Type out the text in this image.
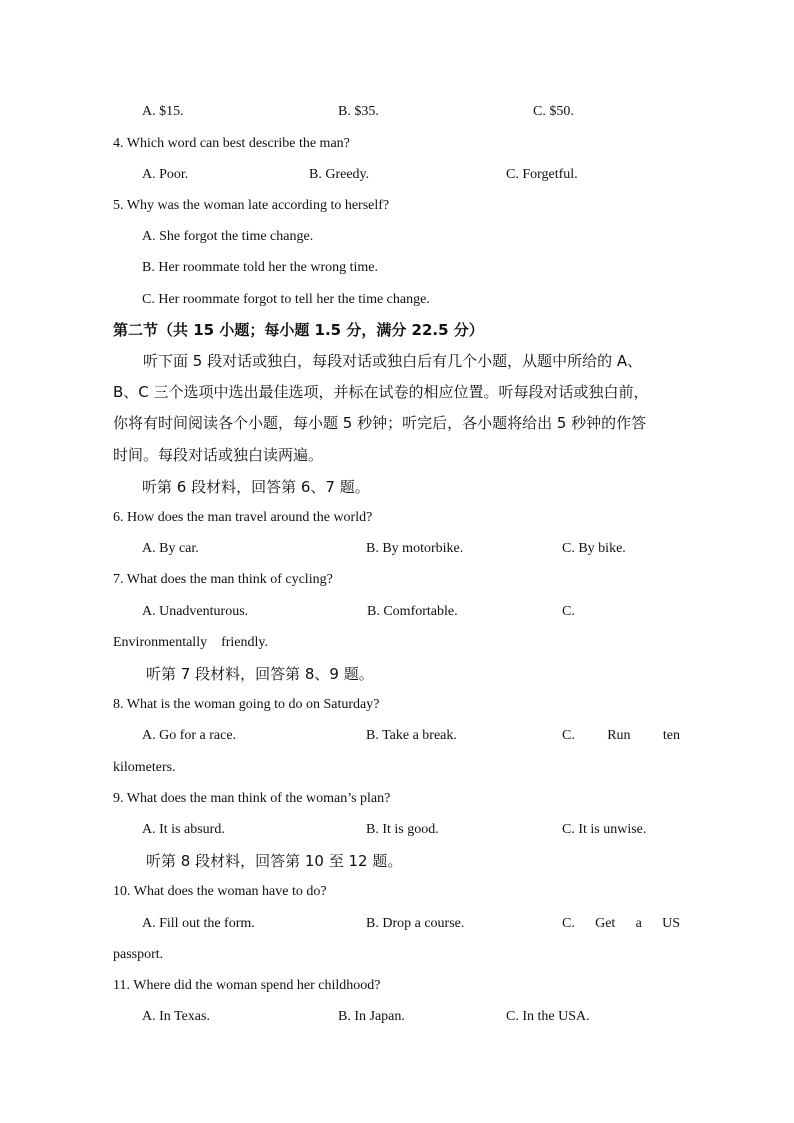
A. $15.	B. $35.	C. $50.
4. Which word can best describe the man?
A. Poor.	B. Greedy.	C. Forgetful.
5. Why was the woman late according to herself?
A. She forgot the time change.
B. Her roommate told her the wrong time.
C. Her roommate forgot to tell her the time change.
第二节（共 15 小题；每小题 1.5 分，满分 22.5 分）
听下面 5 段对话或独白，每段对话或独白后有几个小题，从题中所给的 A、
B、C 三个选项中选出最佳选项，并标在试卷的相应位置。听每段对话或独白前，
你将有时间阅读各个小题，每小题 5 秒钟；听完后，各小题将给出 5 秒钟的作答
时间。每段对话或独白读两遍。
听第 6 段材料，回答第 6、7 题。
6. How does the man travel around the world?
A. By car.	B. By motorbike.	C. By bike.
7. What does the man think of cycling?
A. Unadventurous.	B. Comfortable.	C.
Environmentally    friendly.
听第 7 段材料，回答第 8、9 题。
8. What is the woman going to do on Saturday?
A. Go for a race.	B. Take a break.	C. Run ten
kilometers.
9. What does the man think of the woman’s plan?
A. It is absurd.	B. It is good.	C. It is unwise.
听第 8 段材料，回答第 10 至 12 题。
10. What does the woman have to do?
A. Fill out the form.	B. Drop a course.	C. Get a US
passport.
11. Where did the woman spend her childhood?
A. In Texas.	B. In Japan.	C. In the USA.
